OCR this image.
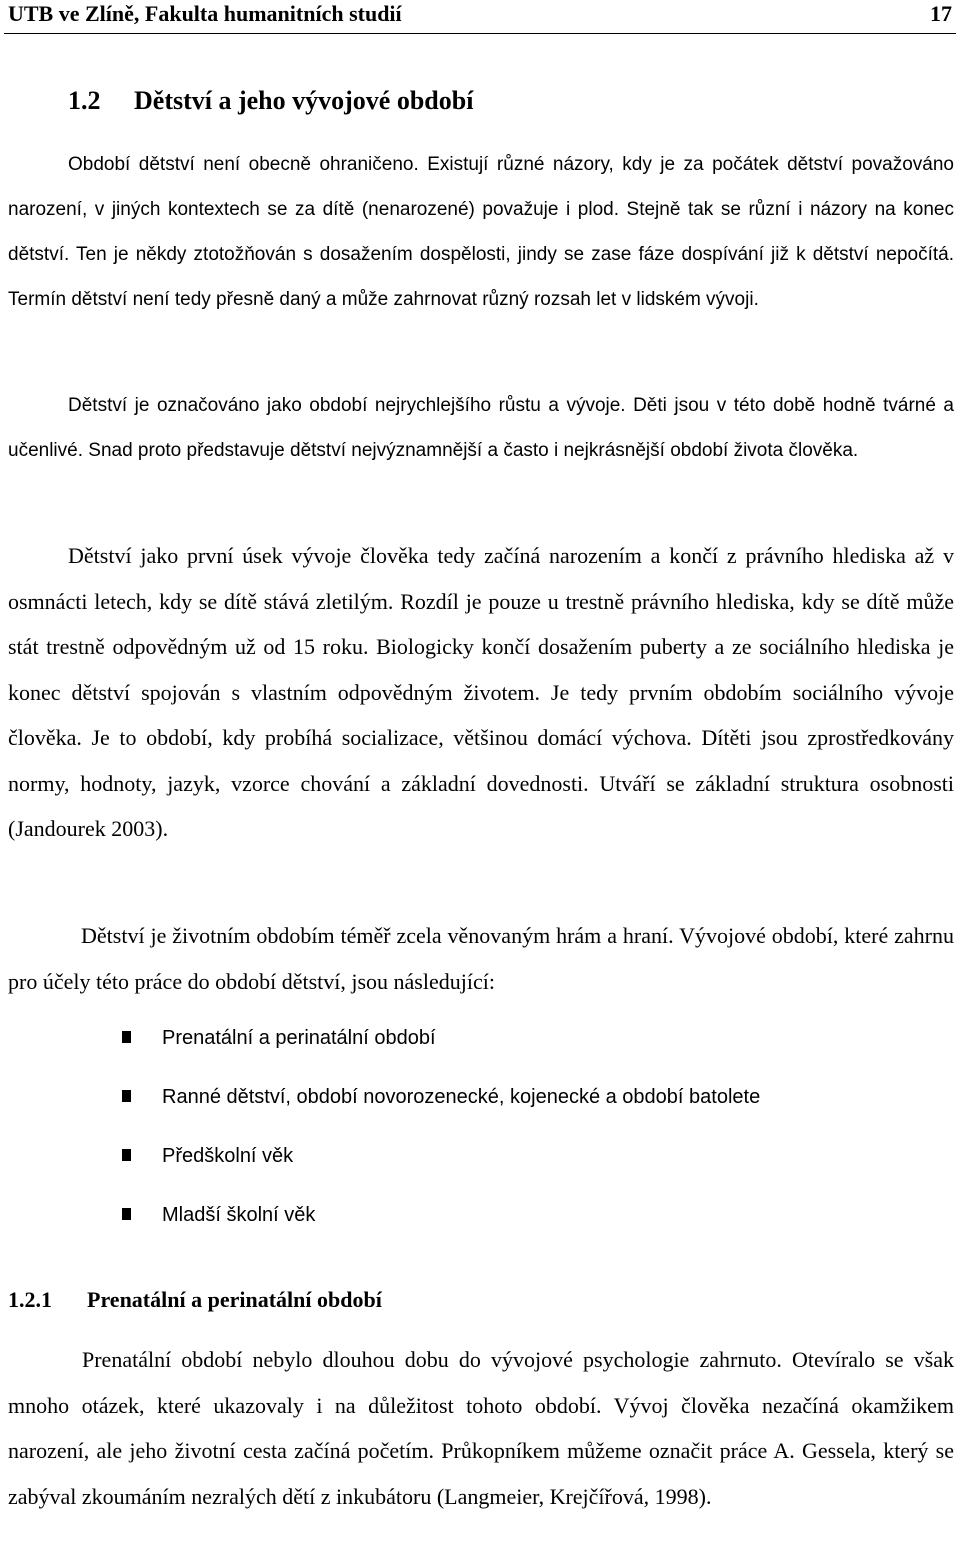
UTB ve Zlíně, Fakulta humanitních studií	17
1.2 Dětství a jeho vývojové období

Období dětství není obecně ohraničeno. Existují různé názory, kdy je za počátek dětství považováno narození, v jiných kontextech se za dítě (nenarozené) považuje i plod. Stejně tak se různí i názory na konec dětství. Ten je někdy ztotožňován s dosažením dospělosti, jindy se zase fáze dospívání již k dětství nepočítá. Termín dětství není tedy přesně daný a může zahrnovat různý rozsah let v lidském vývoji.

Dětství je označováno jako období nejrychlejšího růstu a vývoje. Děti jsou v této době hodně tvárné a učenlivé. Snad proto představuje dětství nejvýznamnější a často i nejkrásnější období života člověka.

Dětství jako první úsek vývoje člověka tedy začíná narozením a končí z právního hlediska až v osmnácti letech, kdy se dítě stává zletilým. Rozdíl je pouze u trestně právního hlediska, kdy se dítě může stát trestně odpovědným už od 15 roku. Biologicky končí dosažením puberty a ze sociálního hlediska je konec dětství spojován s vlastním odpovědným životem. Je tedy prvním obdobím sociálního vývoje člověka. Je to období, kdy probíhá socializace, většinou domácí výchova. Dítěti jsou zprostředkovány normy, hodnoty, jazyk, vzorce chování a základní dovednosti. Utváří se základní struktura osobnosti (Jandourek 2003).

Dětství je životním obdobím téměř zcela věnovaným hrám a hraní. Vývojové období, které zahrnu pro účely této práce do období dětství, jsou následující:

Prenatální a perinatální období
Ranné dětství, období novorozenecké, kojenecké a období batolete
Předškolní věk
Mladší školní věk
1.2.1 Prenatální a perinatální období

Prenatální období nebylo dlouhou dobu do vývojové psychologie zahrnuto. Otevíralo se však mnoho otázek, které ukazovaly i na důležitost tohoto období. Vývoj člověka nezačíná okamžikem narození, ale jeho životní cesta začíná početím. Průkopníkem můžeme označit práce A. Gessela, který se zabýval zkoumáním nezralých dětí z inkubátoru (Langmeier, Krejčířová, 1998).
